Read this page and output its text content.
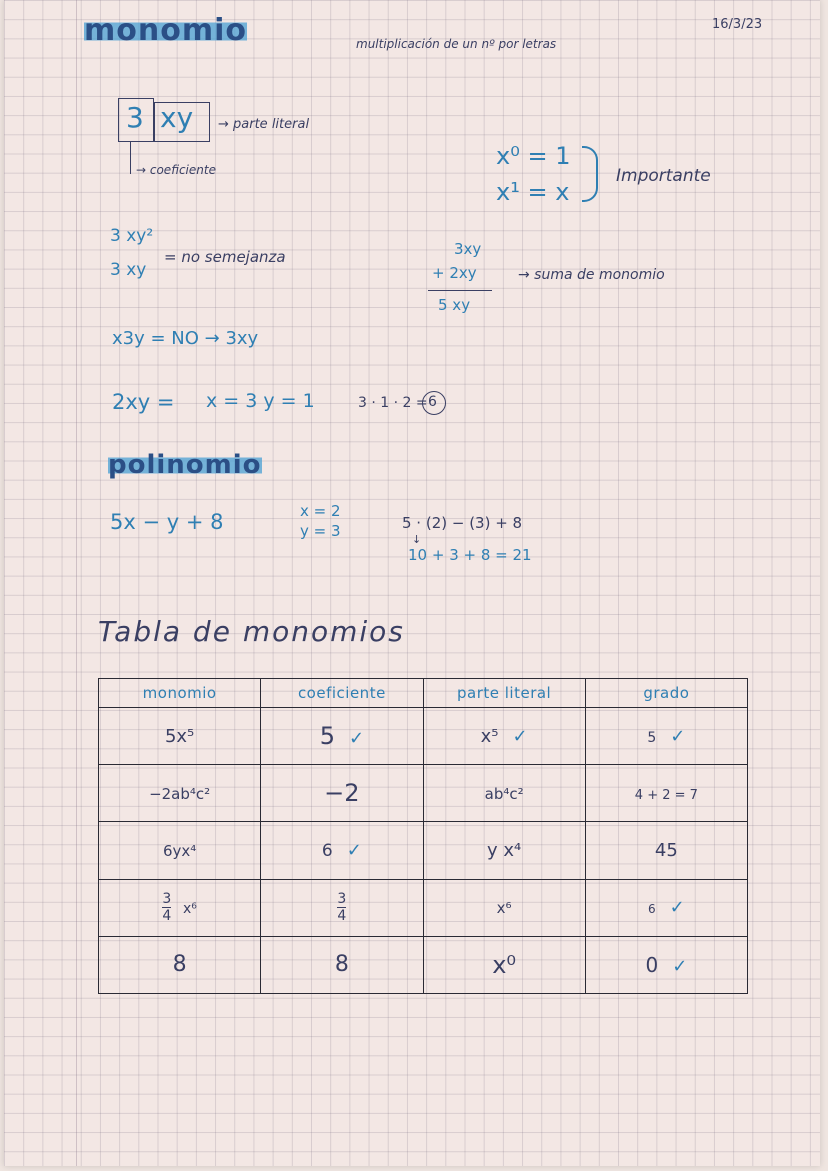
monomio	multiplicación de un nº por letras
16/3/23
3 xy → parte literal
→ coeficiente	x⁰ = 1
x¹ = x
Importante
3 xy²
3 xy
= no semejanza	3xy
+ 2xy
5 xy
→ suma de monomio
x3y = NO → 3xy
2xy = x = 3 y = 1	3 · 1 · 2 = 6
polinomio
5x − y + 8	x = 2
y = 3	5 · (2) − (3) + 8
↓
10 + 3 + 8 = 21
Tabla de monomios
monomio	coeficiente	parte literal	grado
5x⁵	5 ✓	x⁵ ✓	5 ✓
−2ab⁴c²	−2	ab⁴c²	4 + 2 = 7
6yx⁴	6 ✓	y x⁴	45

$\frac{3}{4} x^6$	$\frac{3}{4}$	x⁶	6 ✓
8	8	x⁰	0 ✓
